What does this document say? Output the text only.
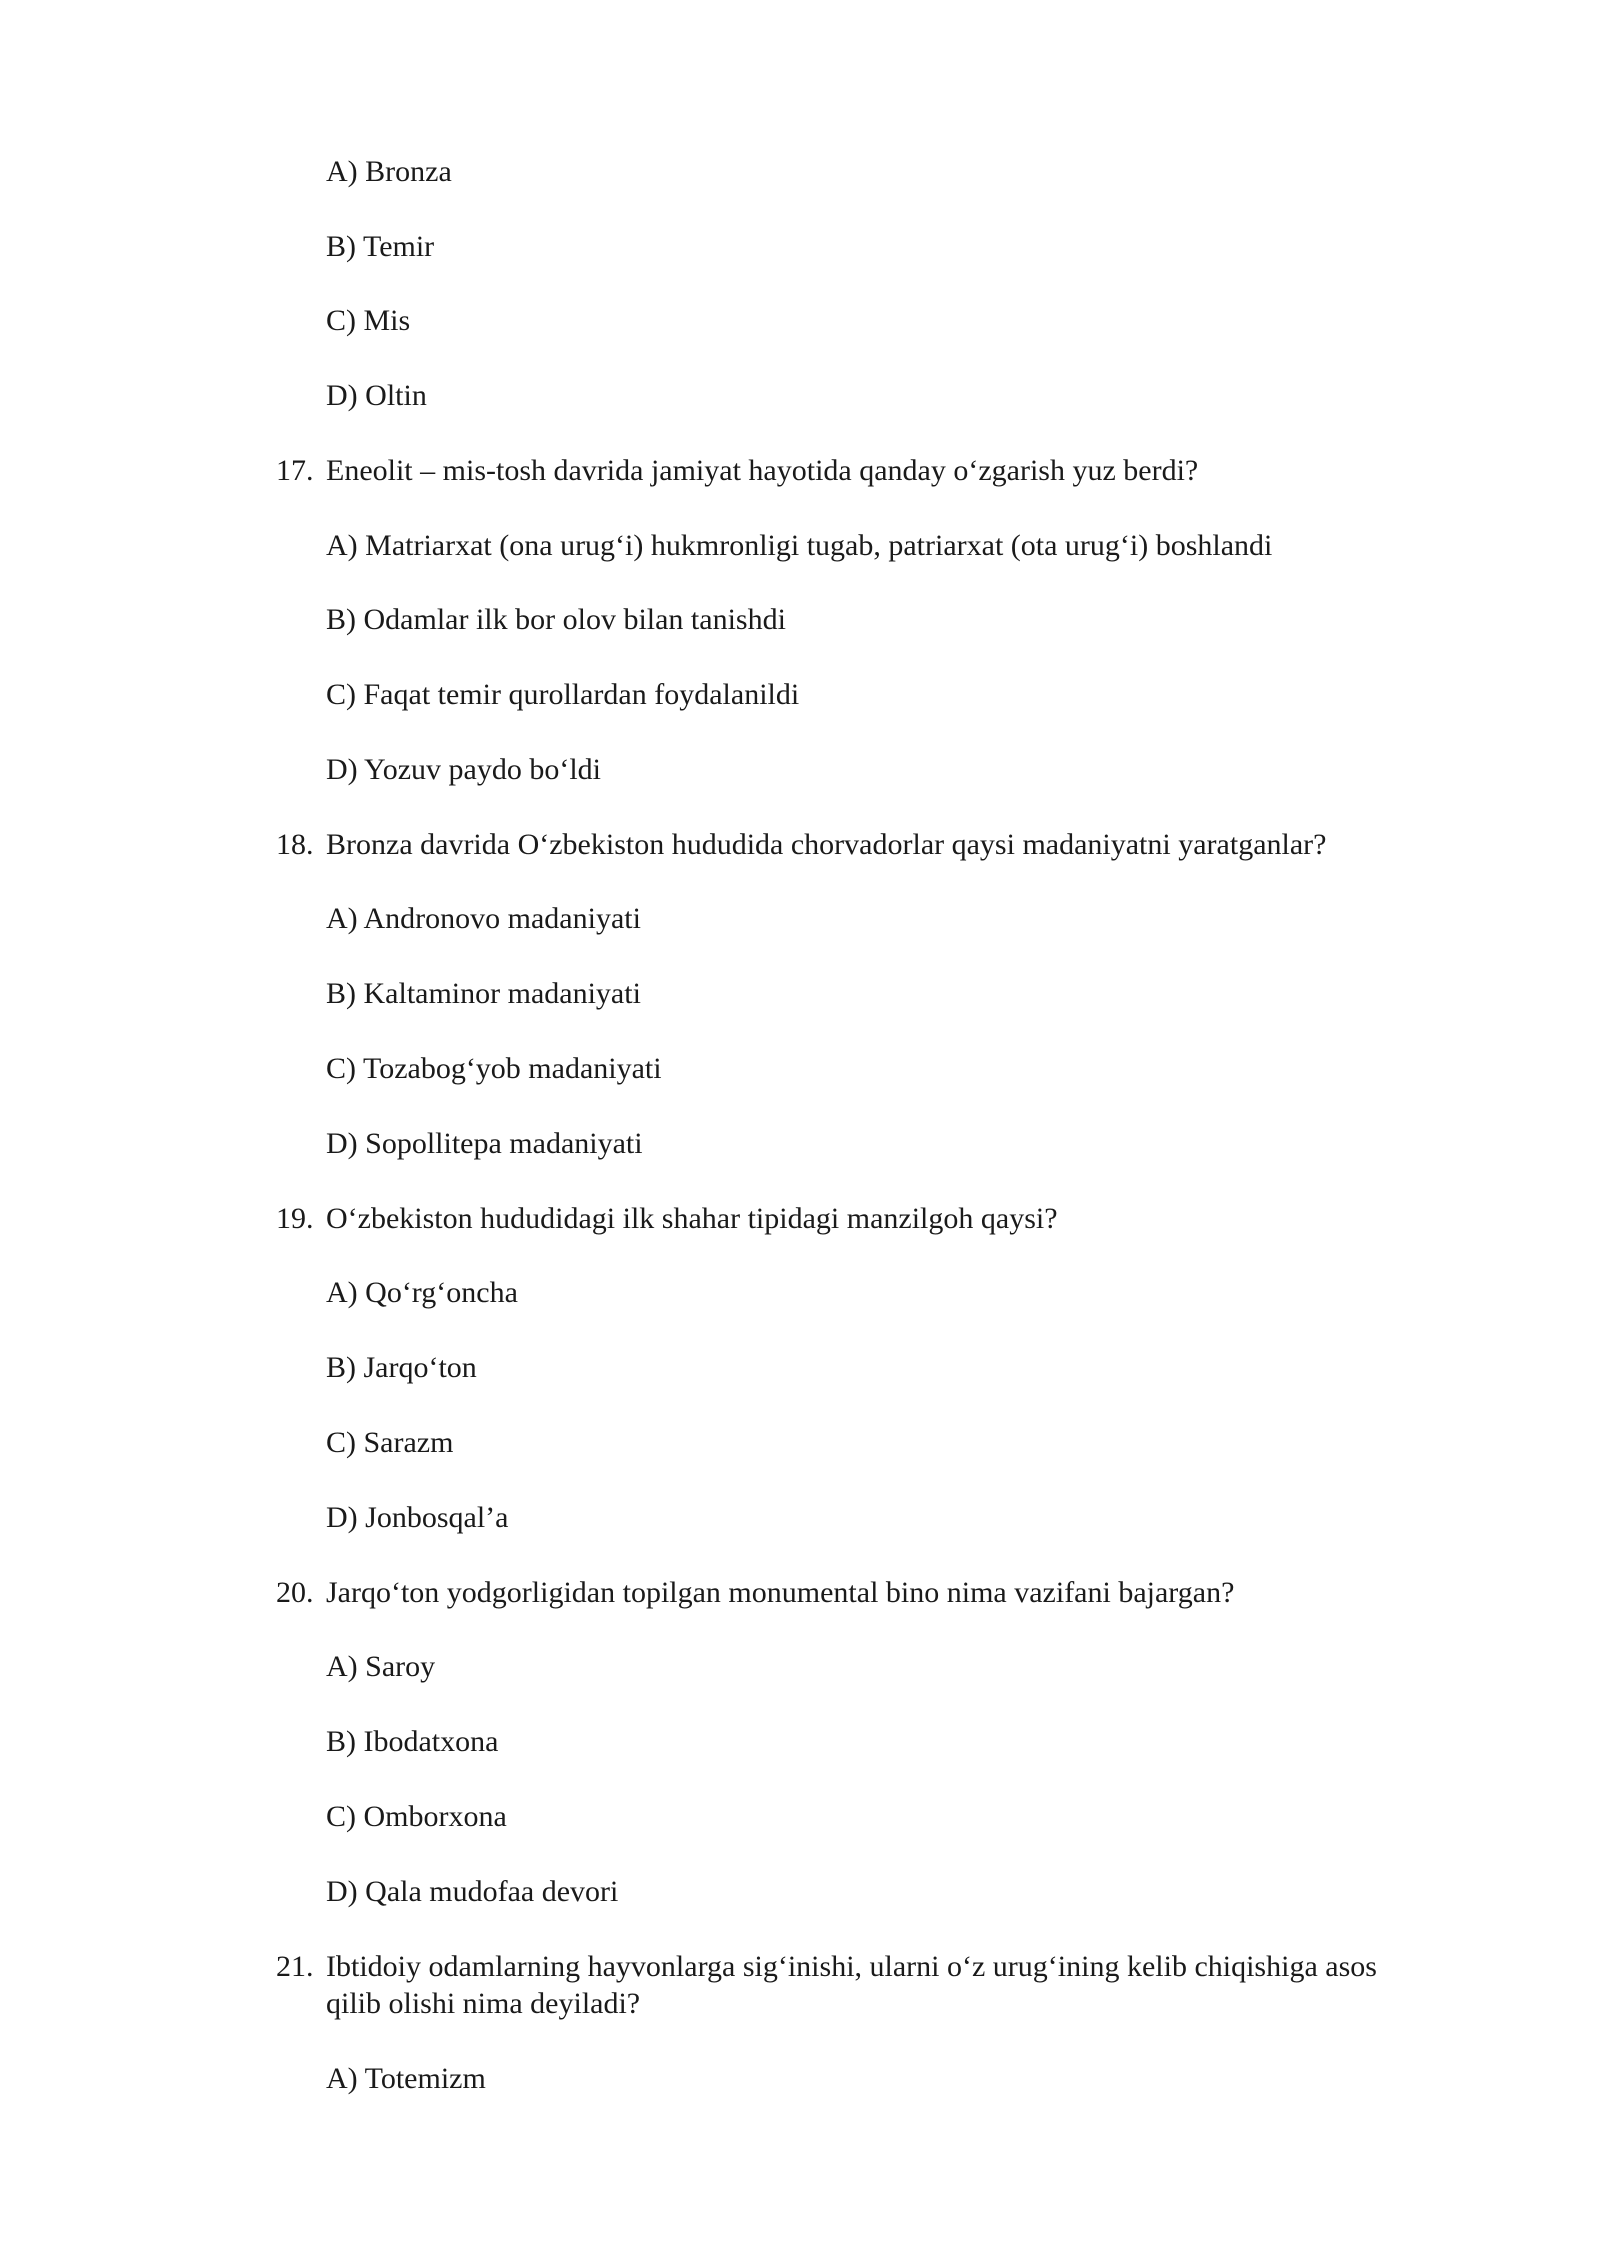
A) Bronza
B) Temir
C) Mis
D) Oltin
17. Eneolit – mis-tosh davrida jamiyat hayotida qanday o‘zgarish yuz berdi?
A) Matriarxat (ona urug‘i) hukmronligi tugab, patriarxat (ota urug‘i) boshlandi
B) Odamlar ilk bor olov bilan tanishdi
C) Faqat temir qurollardan foydalanildi
D) Yozuv paydo bo‘ldi
18. Bronza davrida O‘zbekiston hududida chorvadorlar qaysi madaniyatni yaratganlar?
A) Andronovo madaniyati
B) Kaltaminor madaniyati
C) Tozabog‘yob madaniyati
D) Sopollitepa madaniyati
19. O‘zbekiston hududidagi ilk shahar tipidagi manzilgoh qaysi?
A) Qo‘rg‘oncha
B) Jarqo‘ton
C) Sarazm
D) Jonbosqal’a
20. Jarqo‘ton yodgorligidan topilgan monumental bino nima vazifani bajargan?
A) Saroy
B) Ibodatxona
C) Omborxona
D) Qala mudofaa devori
21. Ibtidoiy odamlarning hayvonlarga sig‘inishi, ularni o‘z urug‘ining kelib chiqishiga asos
qilib olishi nima deyiladi?
A) Totemizm
